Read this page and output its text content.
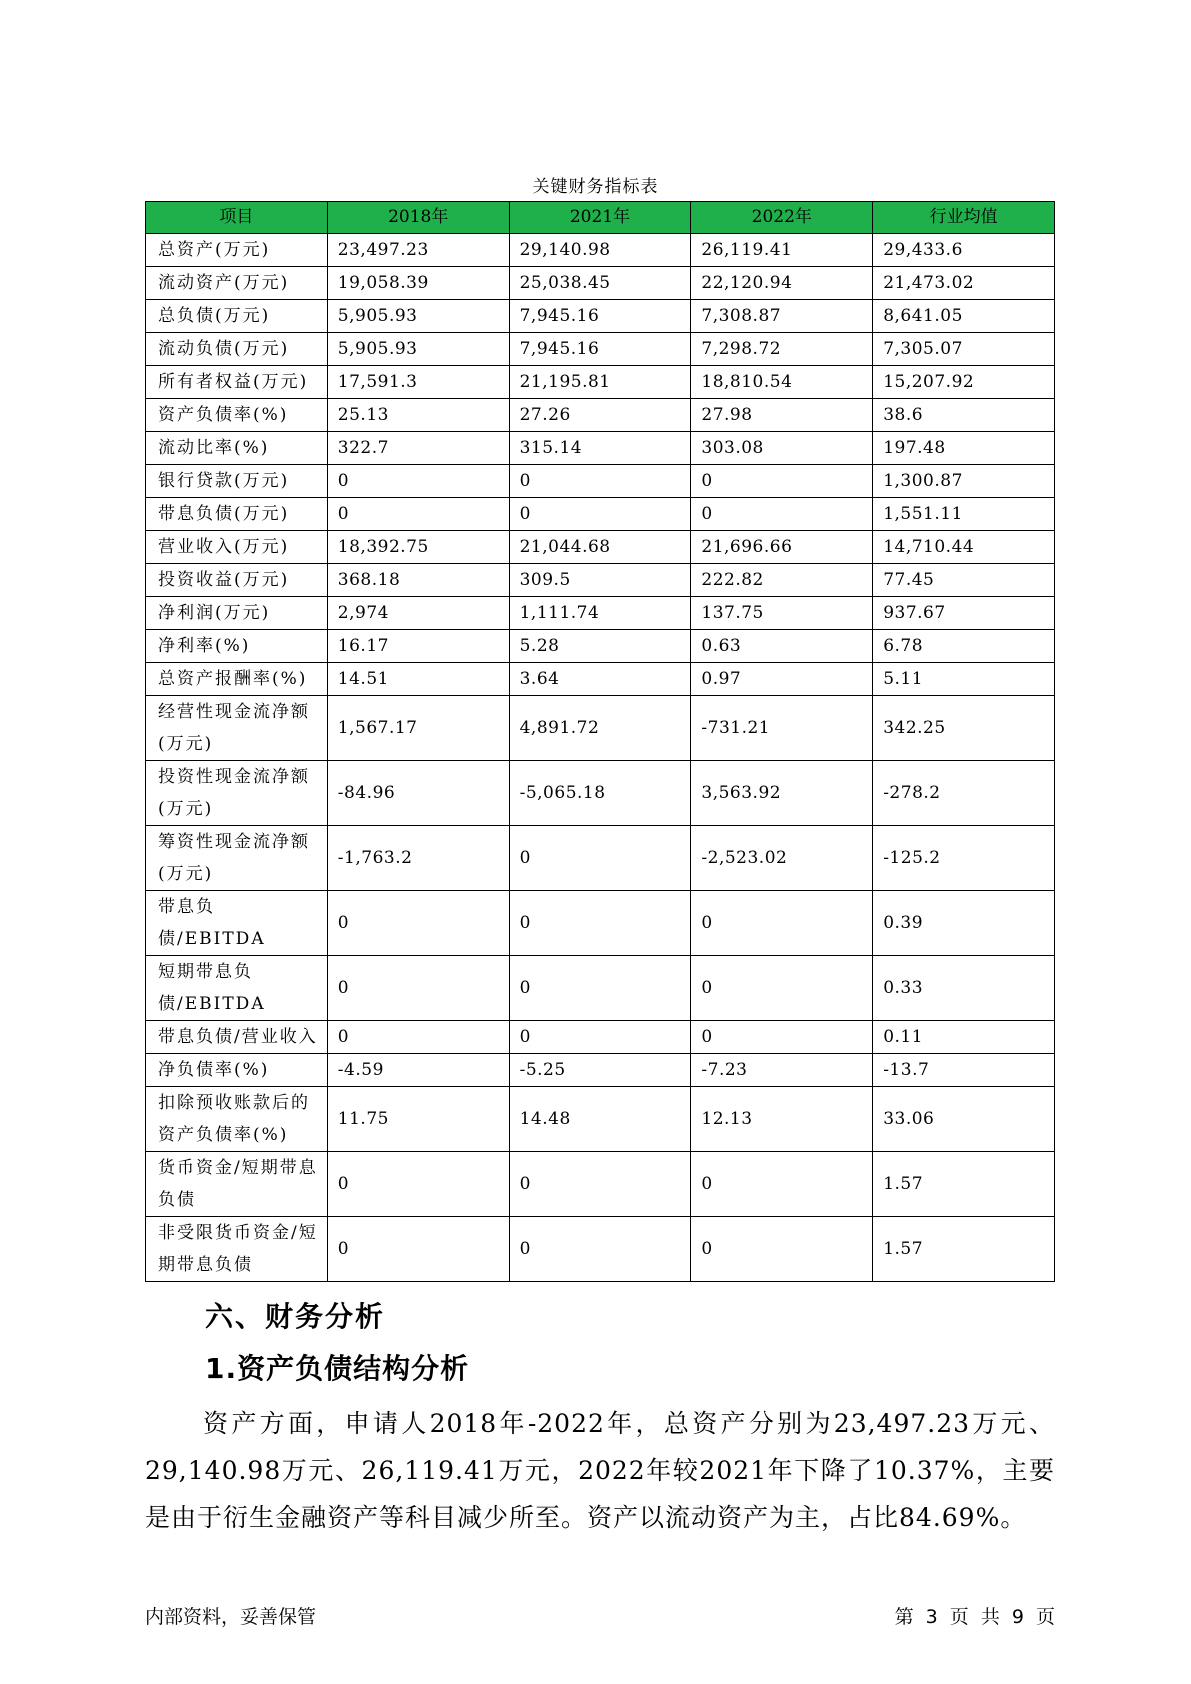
关键财务指标表
项目	2018年	2021年	2022年	行业均值
总资产(万元)	23,497.23	29,140.98	26,119.41	29,433.6
流动资产(万元)	19,058.39	25,038.45	22,120.94	21,473.02
总负债(万元)	5,905.93	7,945.16	7,308.87	8,641.05
流动负债(万元)	5,905.93	7,945.16	7,298.72	7,305.07
所有者权益(万元)	17,591.3	21,195.81	18,810.54	15,207.92
资产负债率(%)	25.13	27.26	27.98	38.6
流动比率(%)	322.7	315.14	303.08	197.48
银行贷款(万元)	0	0	0	1,300.87
带息负债(万元)	0	0	0	1,551.11
营业收入(万元)	18,392.75	21,044.68	21,696.66	14,710.44
投资收益(万元)	368.18	309.5	222.82	77.45
净利润(万元)	2,974	1,111.74	137.75	937.67
净利率(%)	16.17	5.28	0.63	6.78
总资产报酬率(%)	14.51	3.64	0.97	5.11
经营性现金流净额(万元)	1,567.17	4,891.72	-731.21	342.25
投资性现金流净额(万元)	-84.96	-5,065.18	3,563.92	-278.2
筹资性现金流净额(万元)	-1,763.2	0	-2,523.02	-125.2
带息负债/EBITDA	0	0	0	0.39
短期带息负债/EBITDA	0	0	0	0.33
带息负债/营业收入	0	0	0	0.11
净负债率(%)	-4.59	-5.25	-7.23	-13.7
扣除预收账款后的资产负债率(%)	11.75	14.48	12.13	33.06
货币资金/短期带息负债	0	0	0	1.57
非受限货币资金/短期带息负债	0	0	0	1.57
六、财务分析
1.资产负债结构分析
资产方面，申请人2018年-2022年，总资产分别为23,497.23万元、29,140.98万元、26,119.41万元，2022年较2021年下降了10.37%，主要是由于衍生金融资产等科目减少所至。资产以流动资产为主，占比84.69%。
内部资料，妥善保管	第 3 页 共 9 页
